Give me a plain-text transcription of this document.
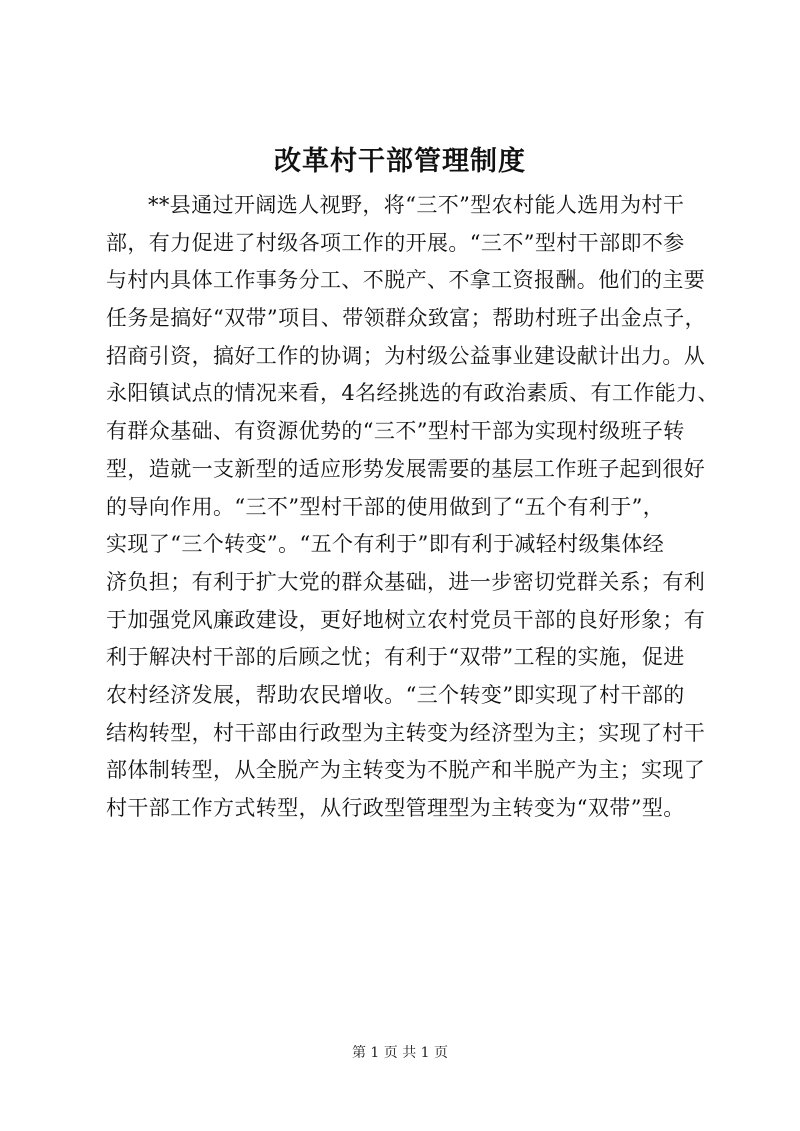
改革村干部管理制度
**县通过开阔选人视野，将“三不”型农村能人选用为村干
部，有力促进了村级各项工作的开展。“三不”型村干部即不参
与村内具体工作事务分工、不脱产、不拿工资报酬。他们的主要
任务是搞好“双带”项目、带领群众致富；帮助村班子出金点子，
招商引资，搞好工作的协调；为村级公益事业建设献计出力。从
永阳镇试点的情况来看，4名经挑选的有政治素质、有工作能力、
有群众基础、有资源优势的“三不”型村干部为实现村级班子转
型，造就一支新型的适应形势发展需要的基层工作班子起到很好
的导向作用。“三不”型村干部的使用做到了“五个有利于”，
实现了“三个转变”。“五个有利于”即有利于减轻村级集体经
济负担；有利于扩大党的群众基础，进一步密切党群关系；有利
于加强党风廉政建设，更好地树立农村党员干部的良好形象；有
利于解决村干部的后顾之忧；有利于“双带”工程的实施，促进
农村经济发展，帮助农民增收。“三个转变”即实现了村干部的
结构转型，村干部由行政型为主转变为经济型为主；实现了村干
部体制转型，从全脱产为主转变为不脱产和半脱产为主；实现了
村干部工作方式转型，从行政型管理型为主转变为“双带”型。
第 1 页 共 1 页
